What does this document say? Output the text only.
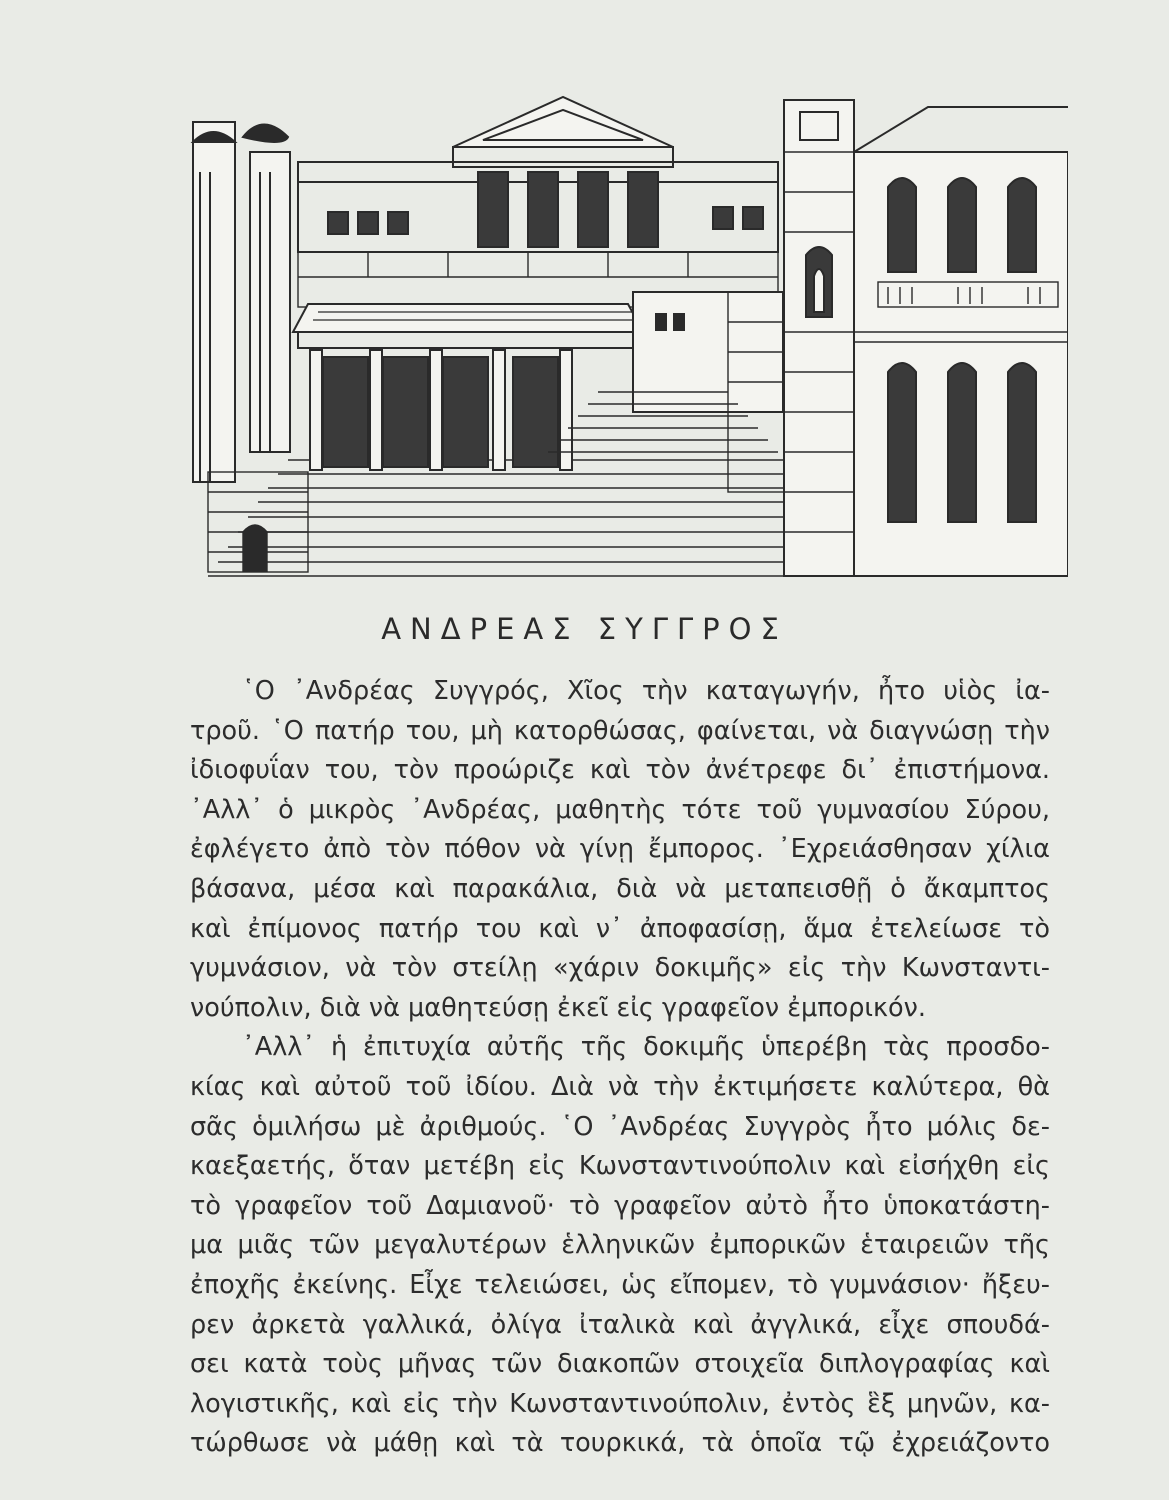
ΑΝΔΡΕΑΣ ΣΥΓΓΡΟΣ
῾Ο ᾿Ανδρέας Συγγρός, Χῖος τὴν καταγωγήν, ἦτο υἱὸς ἰα-
τροῦ. ῾Ο πατήρ του, μὴ κατορθώσας, φαίνεται, νὰ διαγνώσῃ τὴν
ἰδιοφυΐαν του, τὸν προώριζε καὶ τὸν ἀνέτρεφε δι᾿ ἐπιστήμονα.
᾿Αλλ᾿ ὁ μικρὸς ᾿Ανδρέας, μαθητὴς τότε τοῦ γυμνασίου Σύρου,
ἐφλέγετο ἀπὸ τὸν πόθον νὰ γίνῃ ἔμπορος. ᾿Εχρειάσθησαν χίλια
βάσανα, μέσα καὶ παρακάλια, διὰ νὰ μεταπεισθῇ ὁ ἄκαμπτος
καὶ ἐπίμονος πατήρ του καὶ ν᾿ ἀποφασίσῃ, ἅμα ἐτελείωσε τὸ
γυμνάσιον, νὰ τὸν στείλῃ «χάριν δοκιμῆς» εἰς τὴν Κωνσταντι-
νούπολιν, διὰ νὰ μαθητεύσῃ ἐκεῖ εἰς γραφεῖον ἐμπορικόν.
᾿Αλλ᾿ ἡ ἐπιτυχία αὐτῆς τῆς δοκιμῆς ὑπερέβη τὰς προσδο-
κίας καὶ αὐτοῦ τοῦ ἰδίου. Διὰ νὰ τὴν ἐκτιμήσετε καλύτερα, θὰ
σᾶς ὁμιλήσω μὲ ἀριθμούς. ῾Ο ᾿Ανδρέας Συγγρὸς ἦτο μόλις δε-
καεξαετής, ὅταν μετέβη εἰς Κωνσταντινούπολιν καὶ εἰσήχθη εἰς
τὸ γραφεῖον τοῦ Δαμιανοῦ· τὸ γραφεῖον αὐτὸ ἦτο ὑποκατάστη-
μα μιᾶς τῶν μεγαλυτέρων ἑλληνικῶν ἐμπορικῶν ἑταιρειῶν τῆς
ἐποχῆς ἐκείνης. Εἶχε τελειώσει, ὡς εἴπομεν, τὸ γυμνάσιον· ἤξευ-
ρεν ἀρκετὰ γαλλικά, ὀλίγα ἰταλικὰ καὶ ἀγγλικά, εἶχε σπουδά-
σει κατὰ τοὺς μῆνας τῶν διακοπῶν στοιχεῖα διπλογραφίας καὶ
λογιστικῆς, καὶ εἰς τὴν Κωνσταντινούπολιν, ἐντὸς ἓξ μηνῶν, κα-
τώρθωσε νὰ μάθῃ καὶ τὰ τουρκικά, τὰ ὁποῖα τῷ ἐχρειάζοντο
